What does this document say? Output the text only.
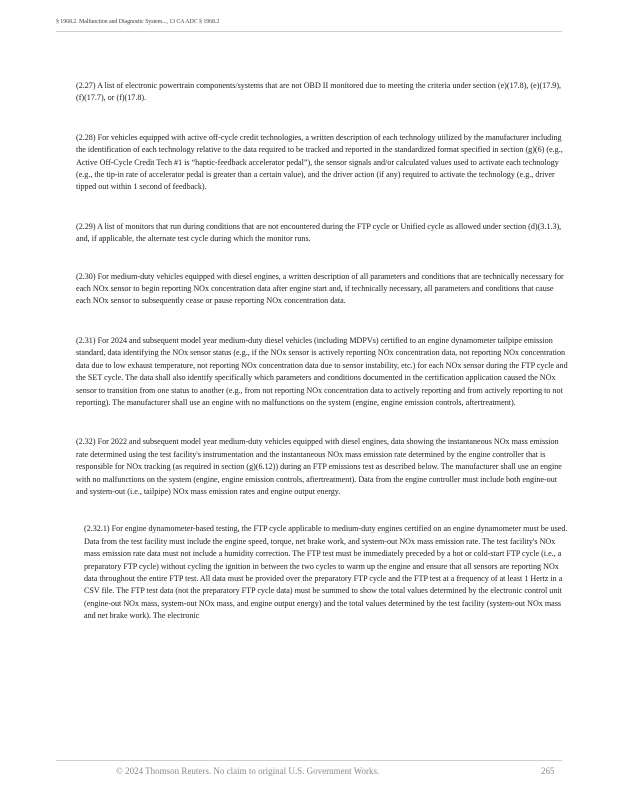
§ 1968.2. Malfunction and Diagnostic System..., 13 CA ADC § 1968.2

(2.27) A list of electronic powertrain components/systems that are not OBD II monitored due to meeting the criteria under section (e)(17.8), (e)(17.9), (f)(17.7), or (f)(17.8).

(2.28) For vehicles equipped with active off-cycle credit technologies, a written description of each technology utilized by the manufacturer including the identification of each technology relative to the data required to be tracked and reported in the standardized format specified in section (g)(6) (e.g., Active Off-Cycle Credit Tech #1 is “haptic-feedback accelerator pedal”), the sensor signals and/or calculated values used to activate each technology (e.g., the tip-in rate of accelerator pedal is greater than a certain value), and the driver action (if any) required to activate the technology (e.g., driver tipped out within 1 second of feedback).

(2.29) A list of monitors that run during conditions that are not encountered during the FTP cycle or Unified cycle as allowed under section (d)(3.1.3), and, if applicable, the alternate test cycle during which the monitor runs.

(2.30) For medium-duty vehicles equipped with diesel engines, a written description of all parameters and conditions that are technically necessary for each NOx sensor to begin reporting NOx concentration data after engine start and, if technically necessary, all parameters and conditions that cause each NOx sensor to subsequently cease or pause reporting NOx concentration data.

(2.31) For 2024 and subsequent model year medium-duty diesel vehicles (including MDPVs) certified to an engine dynamometer tailpipe emission standard, data identifying the NOx sensor status (e.g., if the NOx sensor is actively reporting NOx concentration data, not reporting NOx concentration data due to low exhaust temperature, not reporting NOx concentration data due to sensor instability, etc.) for each NOx sensor during the FTP cycle and the SET cycle. The data shall also identify specifically which parameters and conditions documented in the certification application caused the NOx sensor to transition from one status to another (e.g., from not reporting NOx concentration data to actively reporting and from actively reporting to not reporting). The manufacturer shall use an engine with no malfunctions on the system (engine, engine emission controls, aftertreatment).

(2.32) For 2022 and subsequent model year medium-duty vehicles equipped with diesel engines, data showing the instantaneous NOx mass emission rate determined using the test facility's instrumentation and the instantaneous NOx mass emission rate determined by the engine controller that is responsible for NOx tracking (as required in section (g)(6.12)) during an FTP emissions test as described below. The manufacturer shall use an engine with no malfunctions on the system (engine, engine emission controls, aftertreatment). Data from the engine controller must include both engine-out and system-out (i.e., tailpipe) NOx mass emission rates and engine output energy.

(2.32.1) For engine dynamometer-based testing, the FTP cycle applicable to medium-duty engines certified on an engine dynamometer must be used. Data from the test facility must include the engine speed, torque, net brake work, and system-out NOx mass emission rate. The test facility's NOx mass emission rate data must not include a humidity correction. The FTP test must be immediately preceded by a hot or cold-start FTP cycle (i.e., a preparatory FTP cycle) without cycling the ignition in between the two cycles to warm up the engine and ensure that all sensors are reporting NOx data throughout the entire FTP test. All data must be provided over the preparatory FTP cycle and the FTP test at a frequency of at least 1 Hertz in a CSV file. The FTP test data (not the preparatory FTP cycle data) must be summed to show the total values determined by the electronic control unit (engine-out NOx mass, system-out NOx mass, and engine output energy) and the total values determined by the test facility (system-out NOx mass and net brake work). The electronic

© 2024 Thomson Reuters. No claim to original U.S. Government Works.	265
